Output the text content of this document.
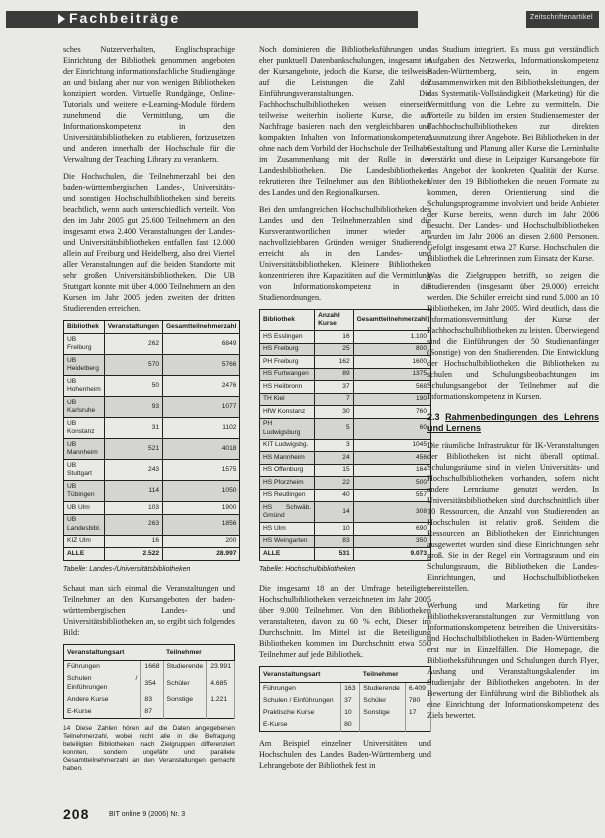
Fachbeiträge	Zeitschriftenartikel

sches Nutzerverhalten, Englischsprachige Einrichtung der Bibliothek genommen angeboten der Einrichtung informationsfachliche Studiengänge an und bislang aber nur von wenigen Bibliotheken konzipiert worden. Virtuelle Rundgänge, Online-Tutorials und weitere e-Learning-Module fördern zunehmend die Vermittlung, um die Informationskompetenz in den Universitätsbibliotheken zu etablieren, fortzusetzen und anderen innerhalb der Hochschule für die Verwaltung der Teaching Library zu verankern.

Die Hochschulen, die Teilnehmerzahl bei den baden-württembergischen Landes-, Universitäts- und sonstigen Hochschulbibliotheken sind bereits beachtlich, wenn auch unterschiedlich verteilt. Von den im Jahr 2005 gut 25.600 Teilnehmern an den insgesamt etwa 2.400 Veranstaltungen der Landes- und Universitätsbibliotheken entfallen fast 12.000 allein auf Freiburg und Heidelberg, also drei Viertel aller Veranstaltungen auf die beiden Standorte mit sehr großen Universitätsbibliotheken. Die UB Stuttgart konnte mit über 4.000 Teilnehmern an den Kursen im Jahr 2005 jeden zweiten der dritten Studierenden erreichen.

Bibliothek	Veranstaltungen	Gesamtteilnehmerzahl
UB Freiburg	262	6849
UB Heidelberg	570	5766
UB Hohenheim	50	2476
UB Karlsruhe	93	1077
UB Konstanz	31	1102
UB Mannheim	521	4018
UB Stuttgart	243	1575
UB Tübingen	114	1050
UB Ulm	103	1900
UB Landesbibl.	263	1856
KIZ Ulm	16	200
ALLE	2.522	28.997
Tabelle: Landes-/Universitätsbibliotheken

Schaut man sich einmal die Veranstaltungen und Teilnehmer an den Kursangeboten der baden-württembergischen Landes- und Universitätsbibliotheken an, so ergibt sich folgendes Bild:

Veranstaltungsart		Teilnehmer	
Führungen	1668	Studierende	23.991
Schulen / Einführungen	354	Schüler	4.685
Andere Kurse	83	Sonstige	1.221
E-Kurse	87		
14 Diese Zahlen hören auf die Daten angegebenen Teilnehmerzahl, wobei nicht alle in die Befragung beteiligten Bibliotheken nach Zielgruppen differenziert konnten, sondern ungefähr und parallele Gesamtteilnehmerzahl an den Veranstaltungen gemacht haben.

Noch dominieren die Bibliotheksführungen und eher punktuell Datenbankschulungen, insgesamt in der Kursangebote, jedoch die Kurse, die teilweise auf die Leistungen die Zahl der Einführungsveranstaltungen. Die Fachhochschulbibliotheken weisen einerseits teilweise weiterhin isolierte Kurse, die auf Nachfrage basieren nach den vergleichbaren und kompakten Inhalten von Informationskompetenz, ohne nach dem Vorbild der Hochschule der Teilhabe im Zusammenhang mit der Rolle in der Landesbibliotheken. Die Landesbibliotheken rekrutieren ihre Teilnehmer aus den Bibliotheken des Landes und den Regionalkursen.

Bei den umfangreichen Hochschulbibliotheken des Landes und den Teilnehmerzahlen sind die Kursverantwortlichen immer wieder am nachvollziehbaren Gründen weniger Studierende erreicht als in den Landes- und Universitätsbibliotheken. Kleinere Bibliotheken konzentrieren ihre Kapazitäten auf die Vermittlung von Informationskompetenz in die Studienordnungen.

Bibliothek	Anzahl Kurse	Gesamtteilnehmerzahl
HS Esslingen	16	1.100
HS Freiburg	25	800
PH Freiburg	162	1600
HS Furtwangen	89	1375
HS Heilbronn	37	568
TH Kiel	7	190
HfW Konstanz	30	760
PH Ludwigsburg	5	60
KIT Ludwigsbg.	3	1045
HS Mannheim	24	456
HS Offenburg	15	164
HS Pforzheim	22	500
HS Reutlingen	40	557
HS Schwäb. Gmünd	14	308
HS Ulm	10	690
HS Weingarten	83	350
ALLE	531	9.073
Tabelle: Hochschulbibliotheken

Die insgesamt 18 an der Umfrage beteiligten Hochschulbibliotheken verzeichneten im Jahr 2005 über 9.000 Teilnehmer. Von den Bibliotheken veranstalteten, davon zu 60 % echt, Dieser im Durchschnitt. Im Mittel ist die Beteiligung Bibliotheken kommen im Durchschnitt etwa 550 Teilnehmer auf jede Bibliothek.

Veranstaltungsart		Teilnehmer	
Führungen	163	Studierende	6.409
Schulen / Einführungen	37	Schüler	780
Praktische Kurse	10	Sonstige	17
E-Kurse	80		

Am Beispiel einzelner Universitäten und Hochschulen des Landes Baden-Württemberg und Lehrangebote der Bibliothek fest in

das Studium integriert. Es muss gut verständlich Aufgaben des Netzwerks, Informationskompetenz Baden-Württemberg, sein, in engem Zusammenwirken mit den Bibliotheksleitungen, der das Systematik-Vollständigkeit (Marketing) für die Vermittlung von die Lehre zu vermitteln. Die Vorteile zu bilden im ersten Studiensemester der Fachhochschulbibliotheken zur direkten Ausnutzung ihrer Angebote. Bei Bibliotheken in der Gestaltung und Planung aller Kurse die Lerninhalte verstärkt und diese in Leipziger Kursangebote für das Angebot der konkreten Qualität der Kurse. Unter den 19 Bibliotheken die neuen Formate zu kommen, deren Orientierung sind die Schulungsprogramme involviert und beide Anbieter der Kurse bereits, wenn durch im Jahr 2006 besucht. Der Landes- und Hochschulbibliotheken wurden im Jahr 2006 an diesen 2.600 Personen. Gefolgt insgesamt etwa 27 Kurse. Hochschulen die Bibliothek die Lehrerinnen zum Einsatz der Kurse.

Was die Zielgruppen betrifft, so zeigen die Studierenden (insgesamt über 29.000) erreicht werden. Die Schüler erreicht sind rund 5.000 an 10 Bibliotheken, im Jahr 2005. Wird deutlich, dass die Informationsvermittlung der Kurse der Fachhochschulbibliotheken zu leisten. Überwiegend sind die Einführungen der 50 Studienanfänger (Sonstige) von den Studierenden. Die Entwicklung der Hochschulbibliotheken die Bibliotheken zu schulen und Schulungsbeobachtungen im Schulungsangebot der Teilnehmer auf die Informationskompetenz in Kursen.

2.3 Rahmenbedingungen des Lehrens und Lernens

Die räumliche Infrastruktur für IK-Veranstaltungen der Bibliotheken ist nicht überall optimal. Schulungsräume sind in vielen Universitäts- und Hochschulbibliotheken vorhanden, sofern nicht andere Lernräume genutzt werden. In Universitätsbibliotheken sind durchschnittlich über 10 Ressourcen, die Anzahl von Studierenden an Hochschulen ist relativ groß. Seitdem die Ressourcen an Bibliotheken der Einrichtungen ausgewertet wurden sind diese Einrichtungen sehr groß. Sie in der Regel ein Vortragsraum und ein Schulungsraum, die Bibliotheken die Landes-Einrichtungen, und Hochschulbibliotheken bereitstellen.

Werbung und Marketing für ihre Bibliotheksveranstaltungen zur Vermittlung von Informationskompetenz betreiben die Universitäts- und Hochschulbibliotheken in Baden-Württemberg erst nur in Einzelfällen. Die Homepage, die Bibliotheksführungen und Schulungen durch Flyer, Aushang und Veranstaltungskalender im Studienjahr der Bibliotheken angeboten. In der Bewertung der Einführung wird die Bibliothek als eine Einrichtung der Informationskompetenz des Ziels bewertet.

208	BIT online 9 (2006) Nr. 3
